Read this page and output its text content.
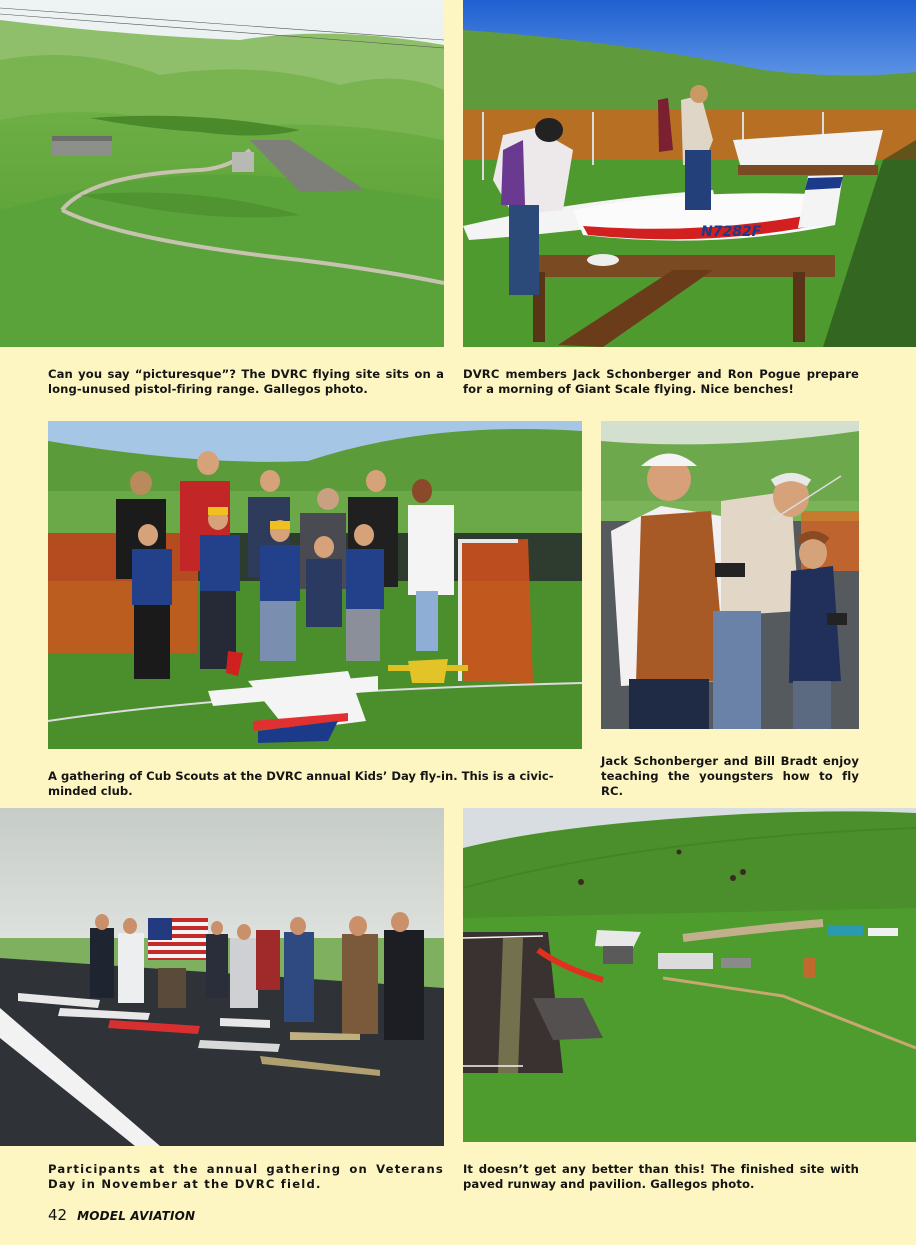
N7282F
Can you say “picturesque”? The DVRC flying site sits on a long-unused pistol-firing range. Gallegos photo.
DVRC members Jack Schonberger and Ron Pogue prepare for a morning of Giant Scale flying. Nice benches!
A gathering of Cub Scouts at the DVRC annual Kids’ Day fly-in. This is a civic-minded club.
Jack Schonberger and Bill Bradt enjoy teaching the youngsters how to fly RC.
Participants at the annual gathering on Veterans Day in November at the DVRC field.
It doesn’t get any better than this! The finished site with paved runway and pavilion. Gallegos photo.
42 MODEL AVIATION
